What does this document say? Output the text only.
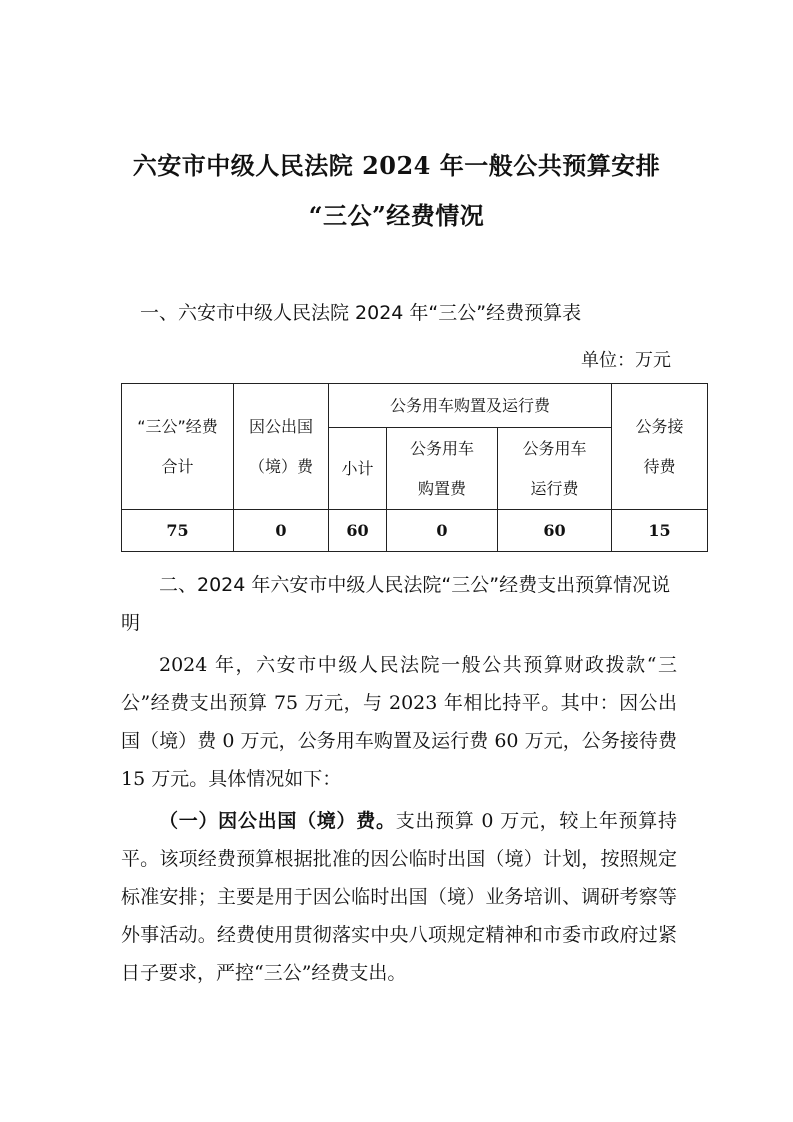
六安市中级人民法院 2024 年一般公共预算安排
“三公”经费情况
一、六安市中级人民法院 2024 年“三公”经费预算表
单位：万元
“三公”经费合计	因公出国（境）费	公务用车购置及运行费			公务接待费
		小计	公务用车购置费	公务用车运行费	
75	0	60	0	60	15
二、2024 年六安市中级人民法院“三公”经费支出预算情况说明
2024 年，六安市中级人民法院一般公共预算财政拨款“三公”经费支出预算 75 万元，与 2023 年相比持平。其中：因公出国（境）费 0 万元，公务用车购置及运行费 60 万元，公务接待费 15 万元。具体情况如下：
（一）因公出国（境）费。支出预算 0 万元，较上年预算持平。该项经费预算根据批准的因公临时出国（境）计划，按照规定标准安排；主要是用于因公临时出国（境）业务培训、调研考察等外事活动。经费使用贯彻落实中央八项规定精神和市委市政府过紧日子要求，严控“三公”经费支出。
